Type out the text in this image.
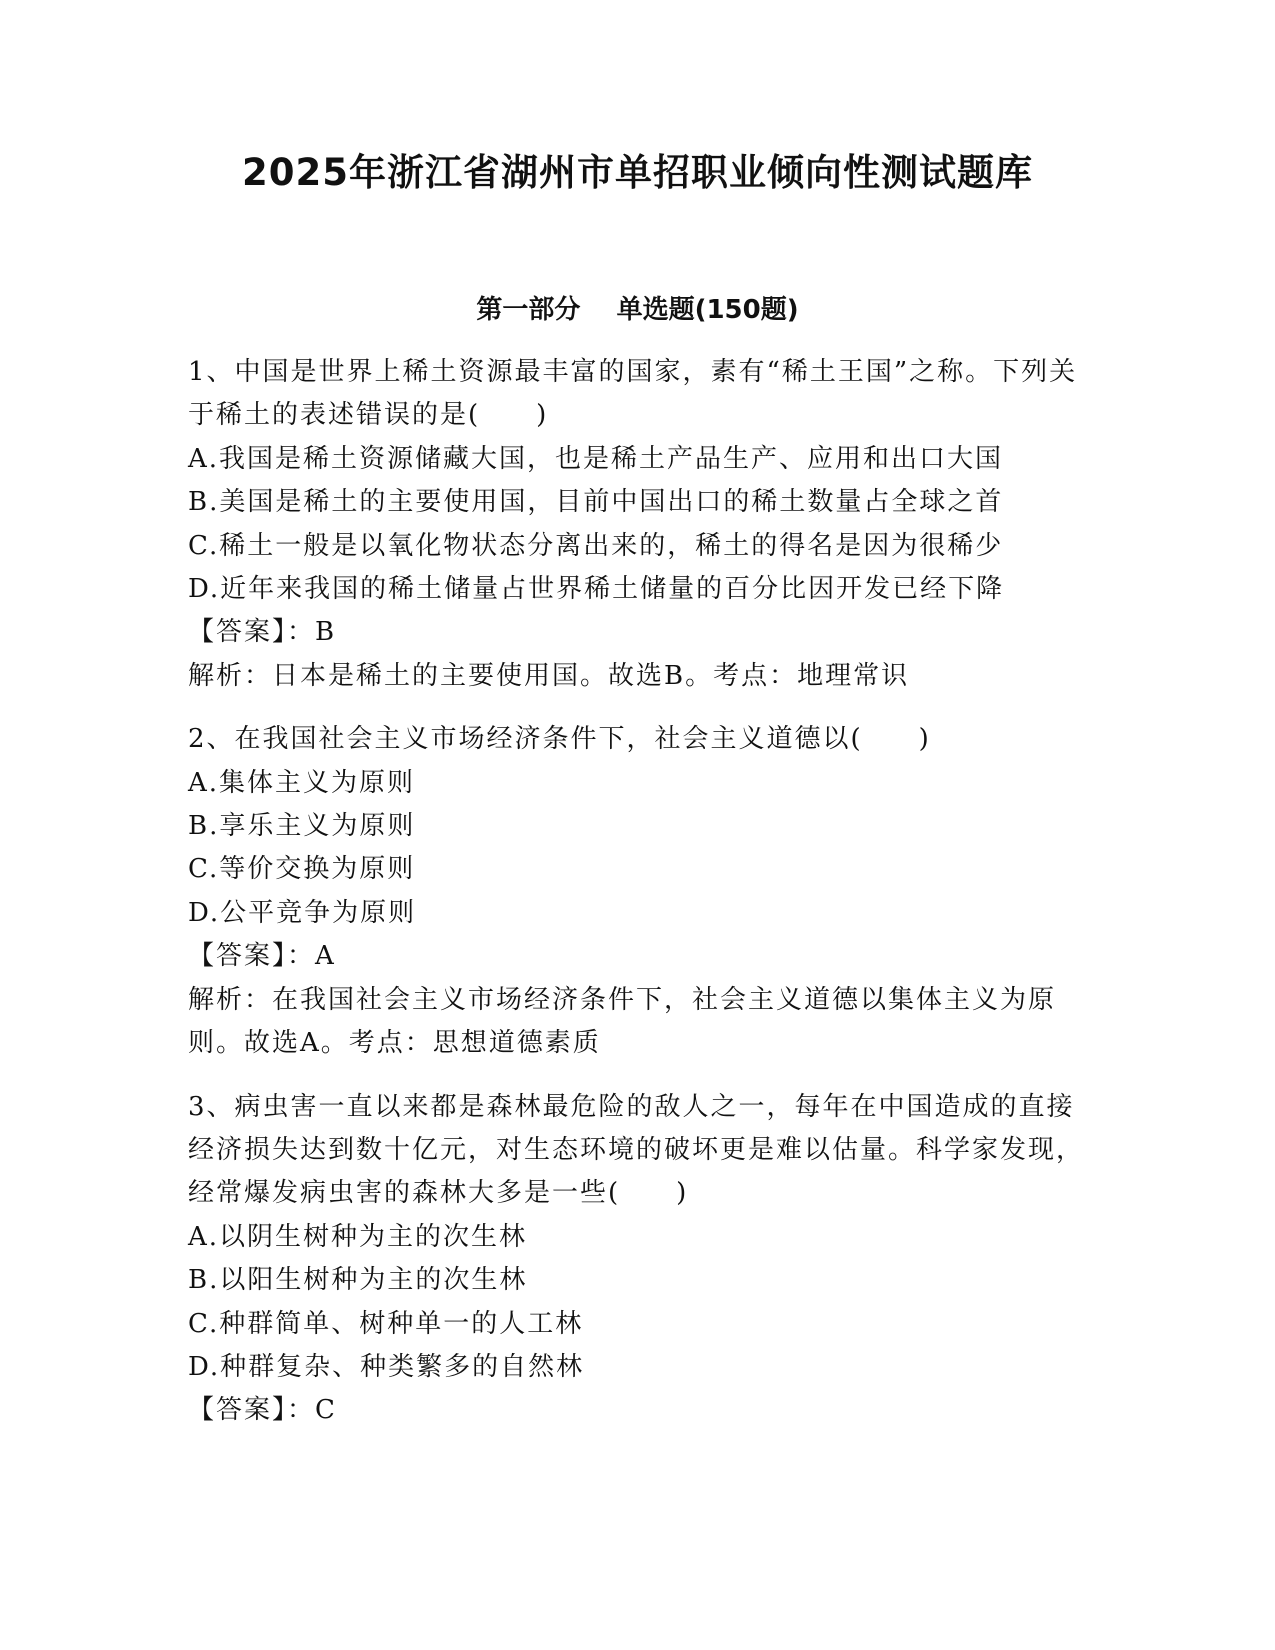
2025年浙江省湖州市单招职业倾向性测试题库
第一部分    单选题(150题)

1、中国是世界上稀土资源最丰富的国家，素有“稀土王国”之称。下列关于稀土的表述错误的是(　　)

A.我国是稀土资源储藏大国，也是稀土产品生产、应用和出口大国

B.美国是稀土的主要使用国，目前中国出口的稀土数量占全球之首

C.稀土一般是以氧化物状态分离出来的，稀土的得名是因为很稀少

D.近年来我国的稀土储量占世界稀土储量的百分比因开发已经下降

【答案】：B

解析：日本是稀土的主要使用国。故选B。考点：地理常识

2、在我国社会主义市场经济条件下，社会主义道德以(　　)

A.集体主义为原则

B.享乐主义为原则

C.等价交换为原则

D.公平竞争为原则

【答案】：A

解析：在我国社会主义市场经济条件下，社会主义道德以集体主义为原则。故选A。考点：思想道德素质

3、病虫害一直以来都是森林最危险的敌人之一，每年在中国造成的直接经济损失达到数十亿元，对生态环境的破坏更是难以估量。科学家发现，经常爆发病虫害的森林大多是一些(　　)

A.以阴生树种为主的次生林

B.以阳生树种为主的次生林

C.种群简单、树种单一的人工林

D.种群复杂、种类繁多的自然林

【答案】：C
